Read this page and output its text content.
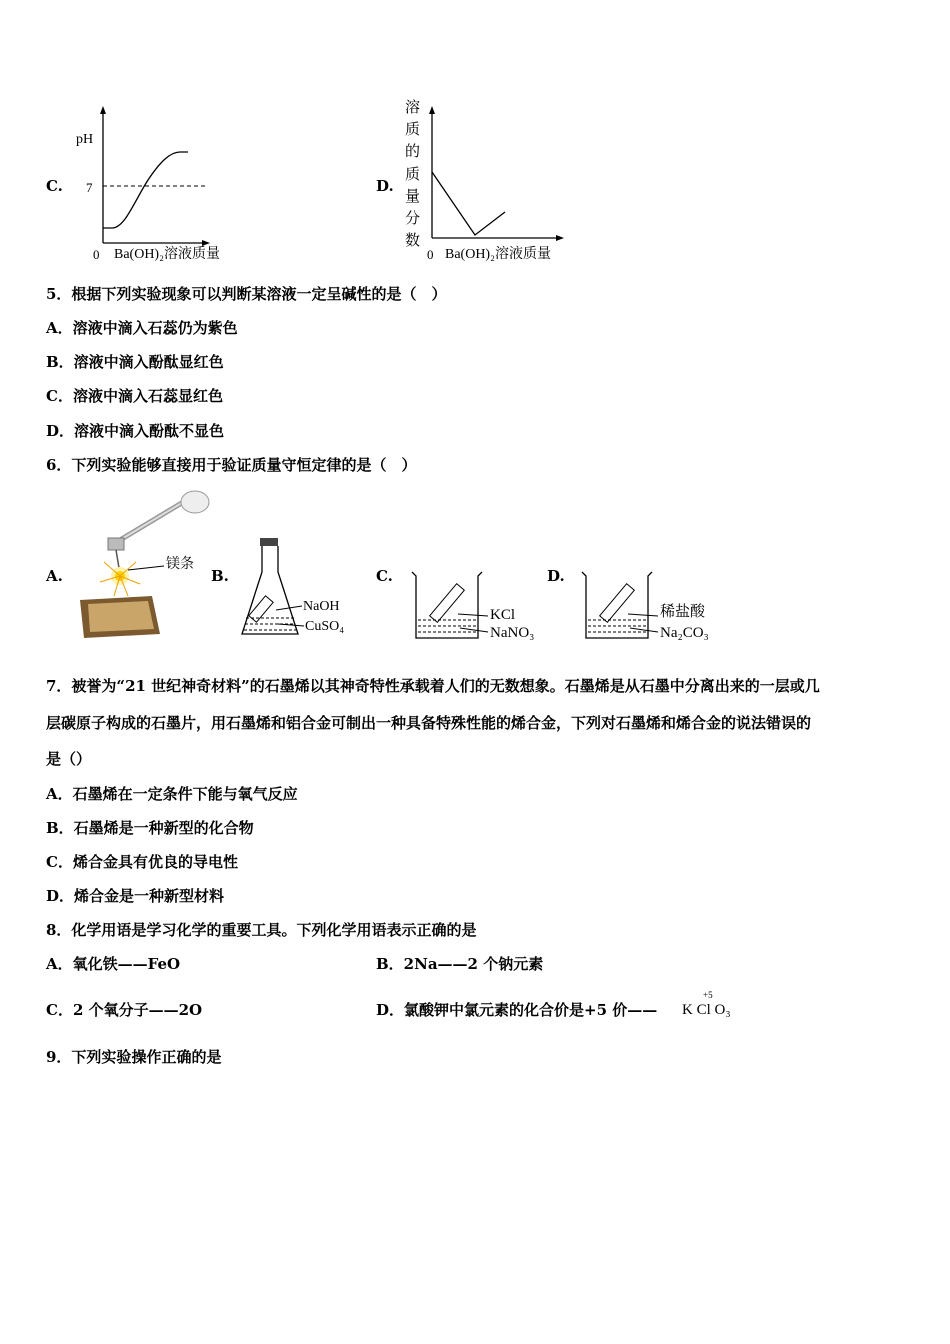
C.
pH
7
0 Ba(OH)₂溶液质量
D.
溶
质
的
质
量
分
数
0 Ba(OH)₂溶液质量
5．根据下列实验现象可以判断某溶液一定呈碱性的是（　）
A．溶液中滴入石蕊仍为紫色
B．溶液中滴入酚酞显红色
C．溶液中滴入石蕊显红色
D．溶液中滴入酚酞不显色
6．下列实验能够直接用于验证质量守恒定律的是（　）
A.	B.	C.	D.
镁条
NaOH
CuSO₄
KCl
NaNO₃
稀盐酸
Na₂CO₃
7．被誉为“21 世纪神奇材料”的石墨烯以其神奇特性承载着人们的无数想象。石墨烯是从石墨中分离出来的一层或几
层碳原子构成的石墨片，用石墨烯和铝合金可制出一种具备特殊性能的烯合金，下列对石墨烯和烯合金的说法错误的
是（）
A．石墨烯在一定条件下能与氧气反应
B．石墨烯是一种新型的化合物
C．烯合金具有优良的导电性
D．烯合金是一种新型材料
8．化学用语是学习化学的重要工具。下列化学用语表示正确的是
A．氧化铁——FeO	B．2Na——2 个钠元素
C．2 个氧分子——2O	D．氯酸钾中氯元素的化合价是+5 价——
+5
K Cl O₃
9．下列实验操作正确的是
